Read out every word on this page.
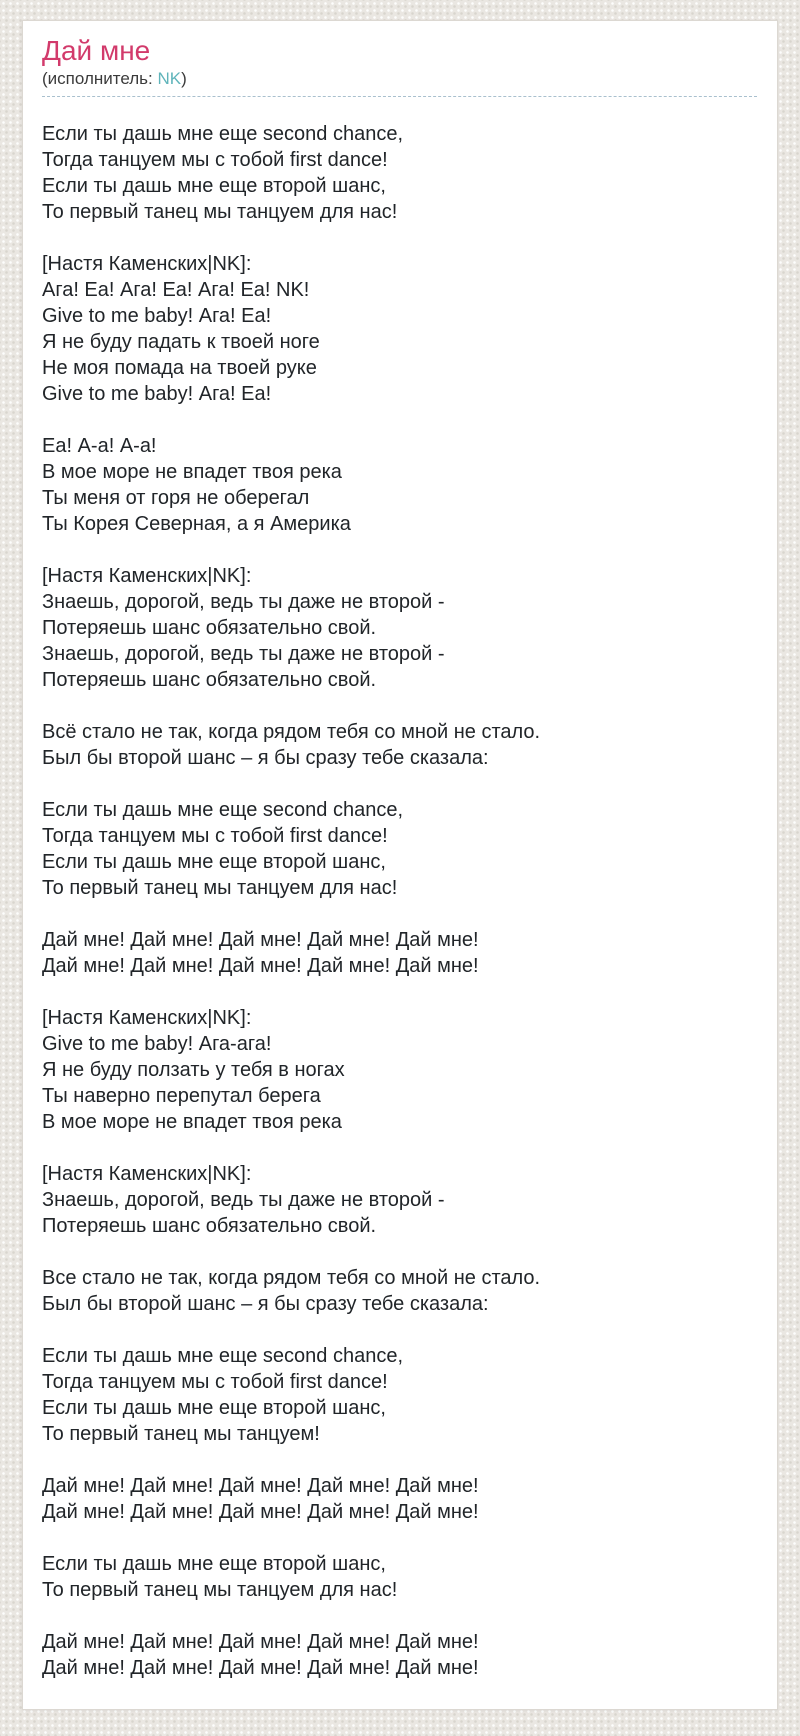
Дай мне
(исполнитель: NK)

Если ты дашь мне еще second chance,
Тогда танцуем мы с тобой first dance!
Если ты дашь мне еще второй шанс,
То первый танец мы танцуем для нас!

[Настя Каменских|NK]:
Ага! Еа! Ага! Еа! Ага! Еа! NK!
Give to me baby! Ага! Еа!
Я не буду падать к твоей ноге
Не моя помада на твоей руке
Give to me baby! Ага! Еа!

Еа! А-а! А-а!
В мое море не впадет твоя река
Ты меня от горя не оберегал
Ты Корея Северная, а я Америка

[Настя Каменских|NK]:
Знаешь, дорогой, ведь ты даже не второй -
Потеряешь шанс обязательно свой.
Знаешь, дорогой, ведь ты даже не второй -
Потеряешь шанс обязательно свой.

Всё стало не так, когда рядом тебя со мной не стало.
Был бы второй шанс – я бы сразу тебе сказала:

Если ты дашь мне еще second chance,
Тогда танцуем мы с тобой first dance!
Если ты дашь мне еще второй шанс,
То первый танец мы танцуем для нас!

Дай мне! Дай мне! Дай мне! Дай мне! Дай мне!
Дай мне! Дай мне! Дай мне! Дай мне! Дай мне!

[Настя Каменских|NK]:
Give to me baby! Ага-ага!
Я не буду ползать у тебя в ногах
Ты наверно перепутал берега
В мое море не впадет твоя река

[Настя Каменских|NK]:
Знаешь, дорогой, ведь ты даже не второй -
Потеряешь шанс обязательно свой.

Все стало не так, когда рядом тебя со мной не стало.
Был бы второй шанс – я бы сразу тебе сказала:

Если ты дашь мне еще second chance,
Тогда танцуем мы с тобой first dance!
Если ты дашь мне еще второй шанс,
То первый танец мы танцуем!

Дай мне! Дай мне! Дай мне! Дай мне! Дай мне!
Дай мне! Дай мне! Дай мне! Дай мне! Дай мне!

Если ты дашь мне еще второй шанс,
То первый танец мы танцуем для нас!

Дай мне! Дай мне! Дай мне! Дай мне! Дай мне!
Дай мне! Дай мне! Дай мне! Дай мне! Дай мне!
